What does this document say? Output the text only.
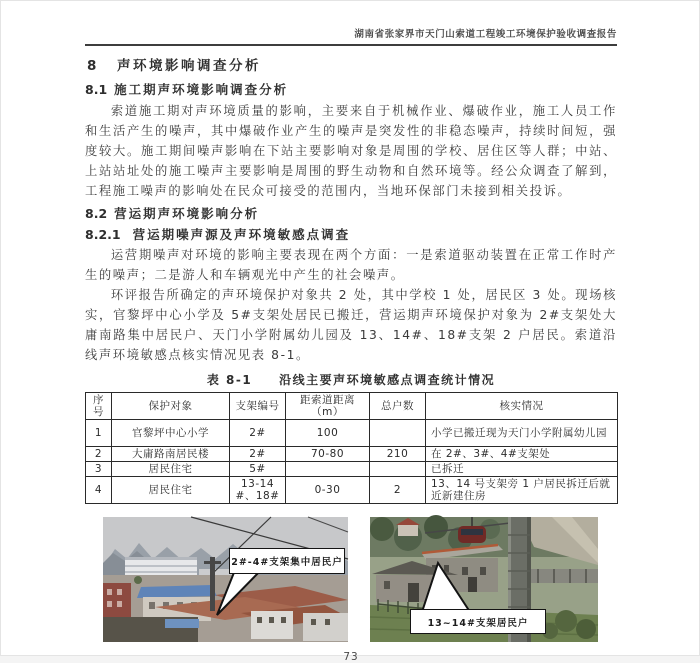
湖南省张家界市天门山索道工程竣工环境保护验收调查报告
8 声环境影响调查分析
8.1 施工期声环境影响调查分析

索道施工期对声环境质量的影响，主要来自于机械作业、爆破作业，施工人员工作和生活产生的噪声，其中爆破作业产生的噪声是突发性的非稳态噪声，持续时间短，强度较大。施工期间噪声影响在下站主要影响对象是周围的学校、居住区等人群；中站、上站站址处的施工噪声主要影响是周围的野生动物和自然环境等。经公众调查了解到，工程施工噪声的影响处在民众可接受的范围内，当地环保部门未接到相关投诉。

8.2 营运期声环境影响分析
8.2.1 营运期噪声源及声环境敏感点调查

运营期噪声对环境的影响主要表现在两个方面：一是索道驱动装置在正常工作时产生的噪声；二是游人和车辆观光中产生的社会噪声。

环评报告所确定的声环境保护对象共 2 处，其中学校 1 处，居民区 3 处。现场核实，官黎坪中心小学及 5#支架处居民已搬迁，营运期声环境保护对象为 2#支架处大庸南路集中居民户、天门小学附属幼儿园及 13、14#、18#支架 2 户居民。索道沿线声环境敏感点核实情况见表 8-1。

表 8-1　　沿线主要声环境敏感点调查统计情况
序号	保护对象	支架编号	距索道距离（m）	总户数	核实情况
1	官黎坪中心小学	2#	100		小学已搬迁现为天门小学附属幼儿园
2	大庸路南居民楼	2#	70-80	210	在 2#、3#、4#支架处
3	居民住宅	5#			已拆迁
4	居民住宅	13-14#、18#	0-30	2	13、14 号支架旁 1 户居民拆迁后就近新建住房
2#-4#支架集中居民户
13~14#支架居民户
73
